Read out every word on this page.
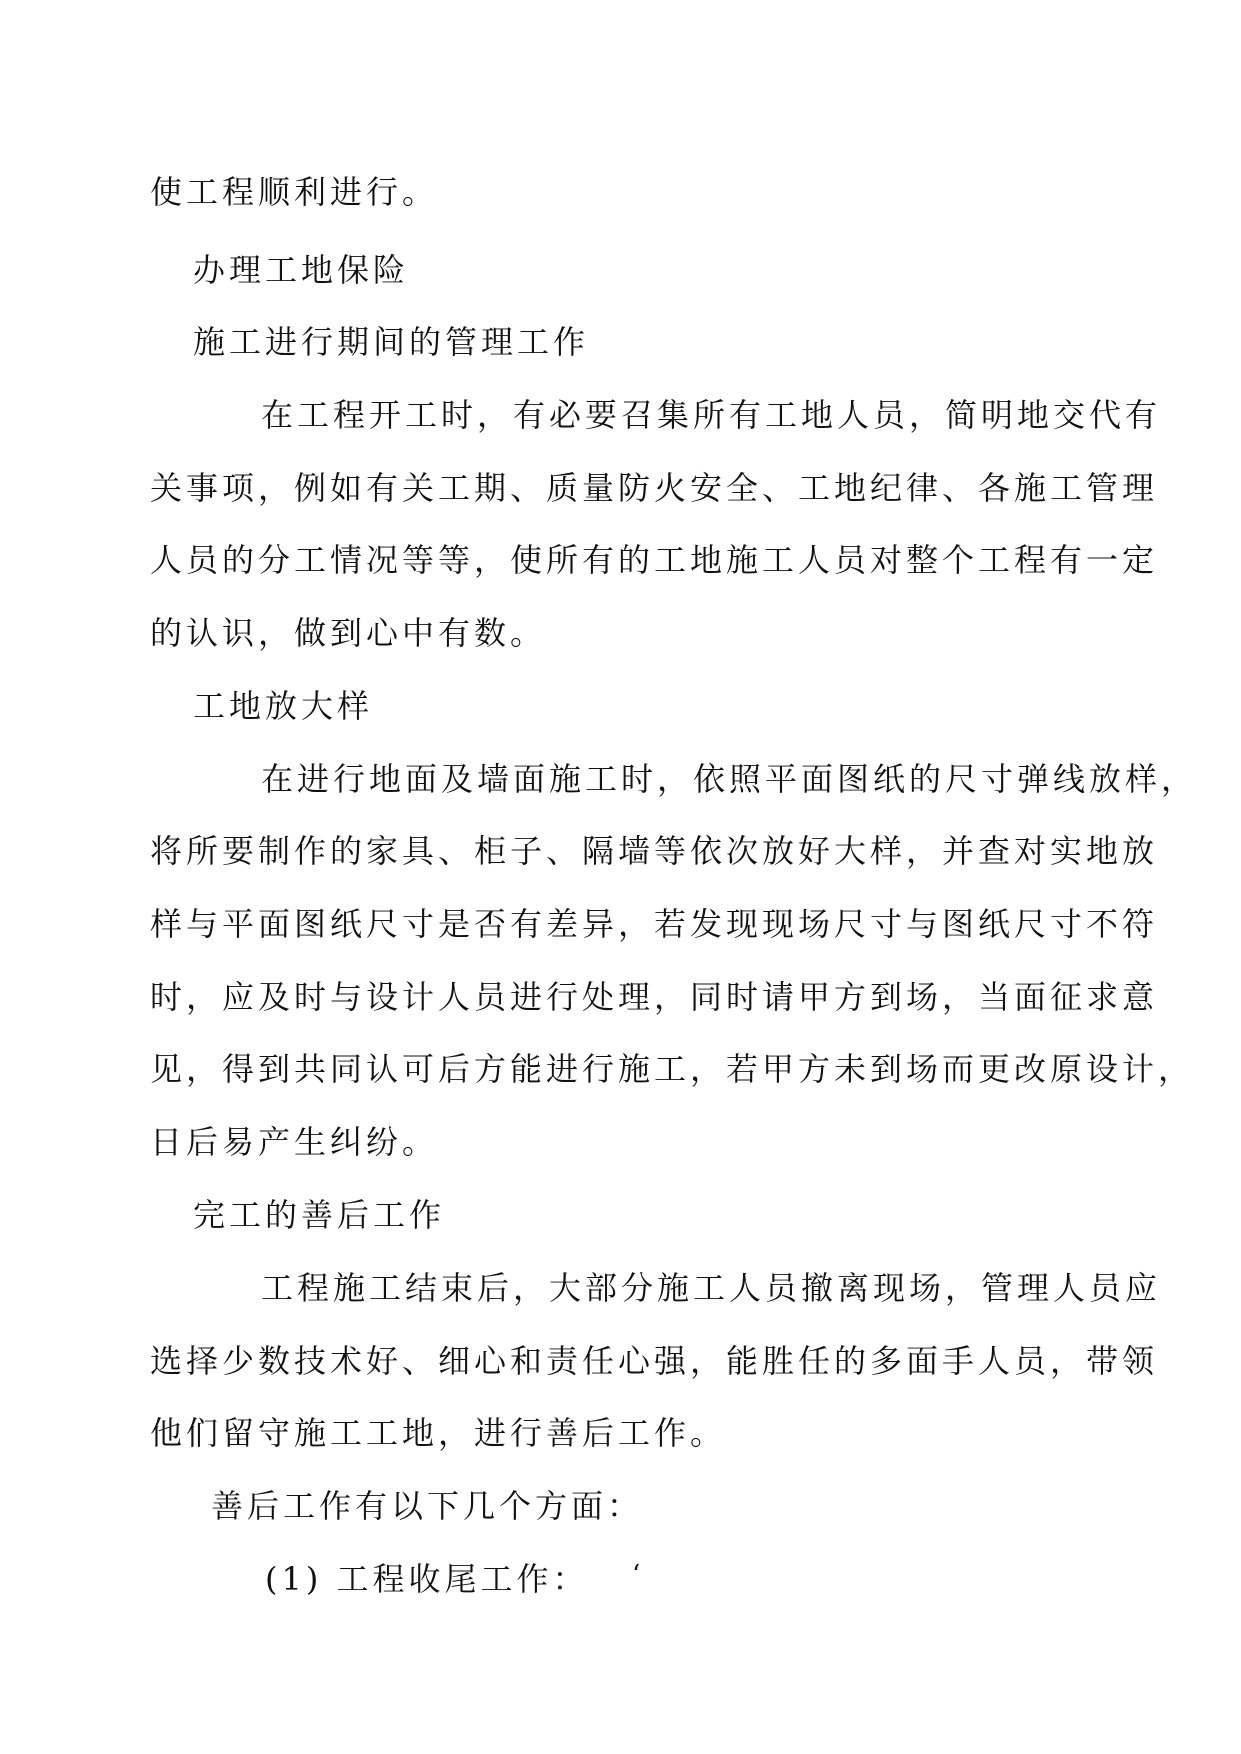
使工程顺利进行。
办理工地保险
施工进行期间的管理工作
在工程开工时，有必要召集所有工地人员，简明地交代有
关事项，例如有关工期、质量防火安全、工地纪律、各施工管理
人员的分工情况等等，使所有的工地施工人员对整个工程有一定
的认识，做到心中有数。
工地放大样
在进行地面及墙面施工时，依照平面图纸的尺寸弹线放样，
将所要制作的家具、柜子、隔墙等依次放好大样，并查对实地放
样与平面图纸尺寸是否有差异，若发现现场尺寸与图纸尺寸不符
时，应及时与设计人员进行处理，同时请甲方到场，当面征求意
见，得到共同认可后方能进行施工，若甲方未到场而更改原设计，
日后易产生纠纷。
完工的善后工作
工程施工结束后，大部分施工人员撤离现场，管理人员应
选择少数技术好、细心和责任心强，能胜任的多面手人员，带领
他们留守施工工地，进行善后工作。
善后工作有以下几个方面：
(1) 工程收尾工作： ‘
